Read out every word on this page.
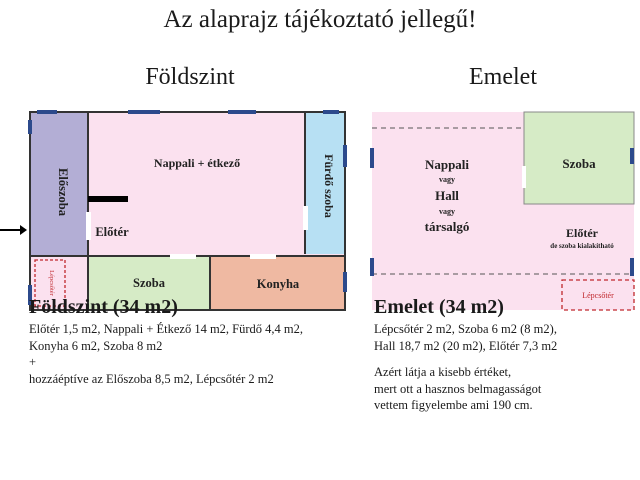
Az alaprajz tájékoztató jellegű!
Földszint	Emelet
Előszoba
Nappali + étkező	Fürdő szoba
Előtér
Lépcsőtér	Szoba	Konyha
Nappali
vagy
Hall
vagy
társalgó
Szoba
Előtér
de szoba kialakítható
Lépcsőtér

Földszint (34 m2)

Előtér 1,5 m2, Nappali + Étkező 14 m2, Fürdő 4,4 m2,

Konyha 6 m2, Szoba 8 m2

+

hozzáéptíve az Előszoba 8,5 m2, Lépcsőtér 2 m2

Emelet (34 m2)

Lépcsőtér 2 m2, Szoba 6 m2 (8 m2),

Hall 18,7 m2 (20 m2), Előtér 7,3 m2

Azért látja a kisebb értéket,

mert ott a hasznos belmagasságot

vettem figyelembe ami 190 cm.
